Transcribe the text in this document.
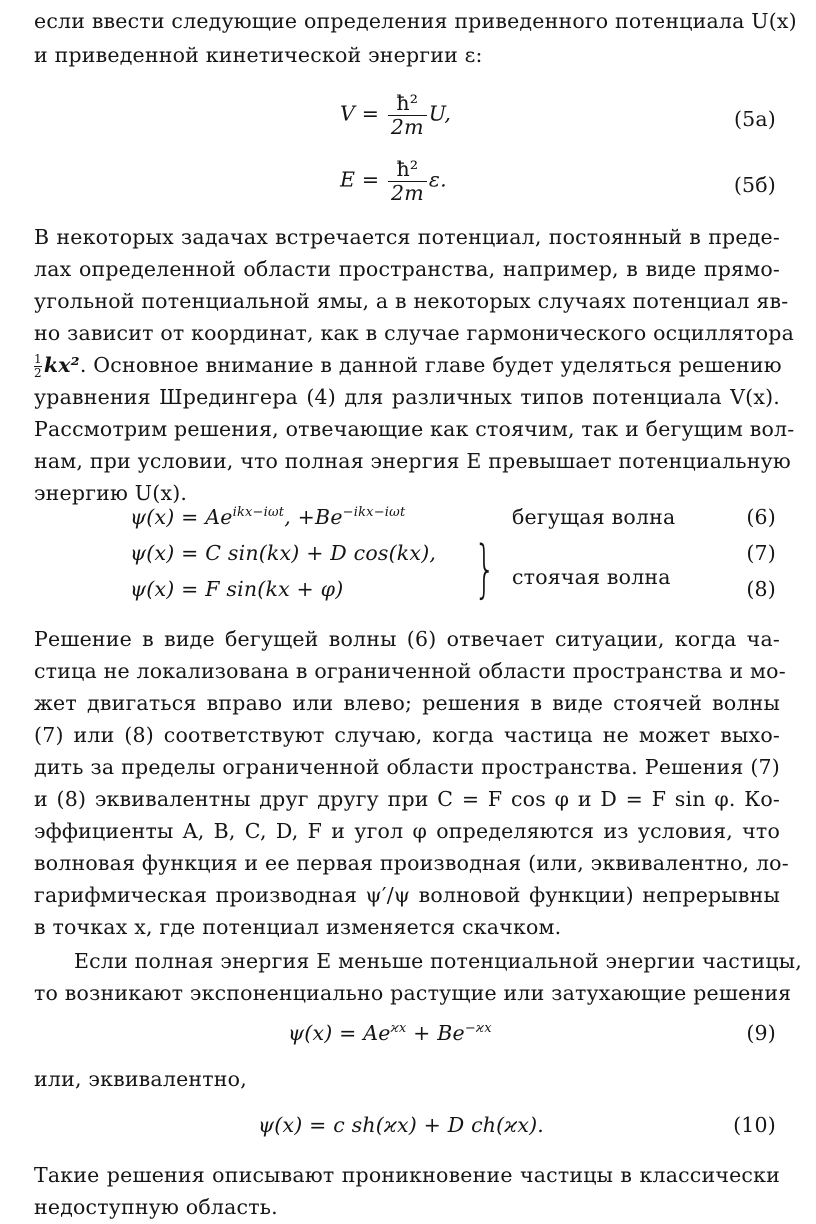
если ввести следующие определения приведенного потенциала U(x)
и приведенной кинетической энергии ε:
$V = \frac{\text{ħ²}}{2m} U$,	(5а)
$E = \frac{\text{ħ²}}{2m} \varepsilon$.	(5б)
В некоторых задачах встречается потенциал, постоянный в преде-
лах определенной области пространства, например, в виде прямо-
угольной потенциальной ямы, а в некоторых случаях потенциал яв-
но зависит от координат, как в случае гармонического осциллятора
$\frac{1}{2} kx^2$. Основное внимание в данной главе будет уделяться решению
уравнения Шредингера (4) для различных типов потенциала V(x).
Рассмотрим решения, отвечающие как стоячим, так и бегущим вол-
нам, при условии, что полная энергия E превышает потенциальную
энергию U(x).
$\psi(x) = Ae^{ikx-i\omega t}$, $+Be^{-ikx-i\omega t}$	бегущая волна	(6)
ψ(x) = C sin(kx) + D cos(kx),	(7)
ψ(x) = F sin(kx + φ)	(8)
} стоячая волна
Решение в виде бегущей волны (6) отвечает ситуации, когда ча-
стица не локализована в ограниченной области пространства и мо-
жет двигаться вправо или влево; решения в виде стоячей волны
(7) или (8) соответствуют случаю, когда частица не может выхо-
дить за пределы ограниченной области пространства. Решения (7)
и (8) эквивалентны друг другу при C = F cos φ и D = F sin φ. Ко-
эффициенты A, B, C, D, F и угол φ определяются из условия, что
волновая функция и ее первая производная (или, эквивалентно, ло-
гарифмическая производная ψ′/ψ волновой функции) непрерывны
в точках x, где потенциал изменяется скачком.
Если полная энергия E меньше потенциальной энергии частицы,
то возникают экспоненциально растущие или затухающие решения
$\psi(x) = Ae^{ϰx} + Be^{-ϰx}$	(9)
или, эквивалентно,
ψ(x) = c sh(ϰx) + D ch(ϰx).	(10)
Такие решения описывают проникновение частицы в классически
недоступную область.
